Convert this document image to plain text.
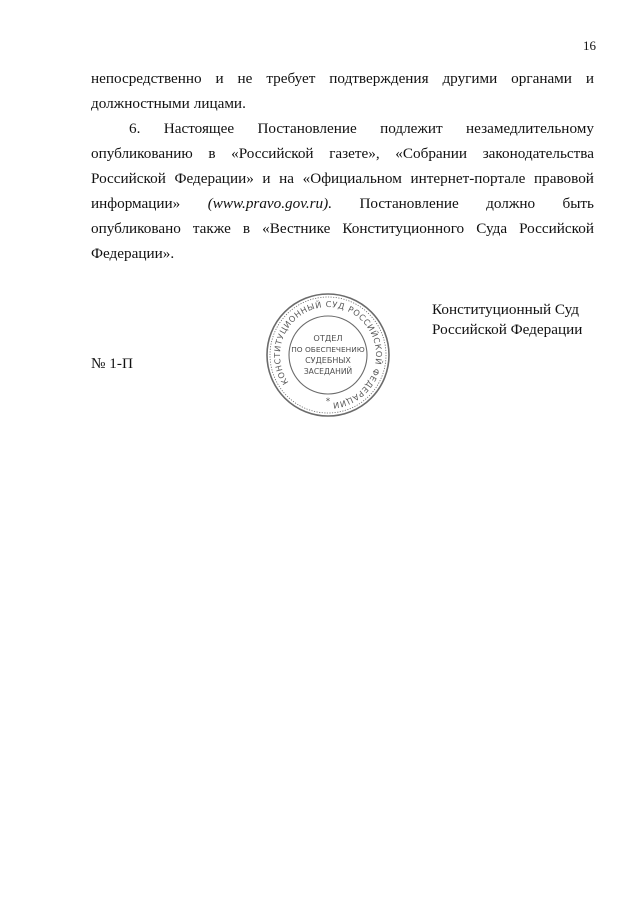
16
непосредственно и не требует подтверждения другими органами и
должностными лицами.
6. Настоящее Постановление подлежит незамедлительному
опубликованию в «Российской газете», «Собрании законодательства
Российской Федерации» и на «Официальном интернет-портале правовой
информации» (www.pravo.gov.ru). Постановление должно быть
опубликовано также в «Вестнике Конституционного Суда Российской
Федерации».
КОНСТИТУЦИОННЫЙ СУД РОССИЙСКОЙ ФЕДЕРАЦИИ
*
ОТДЕЛ
ПО ОБЕСПЕЧЕНИЮ
СУДЕБНЫХ
ЗАСЕДАНИЙ
Конституционный Суд
Российской Федерации
№ 1-П
